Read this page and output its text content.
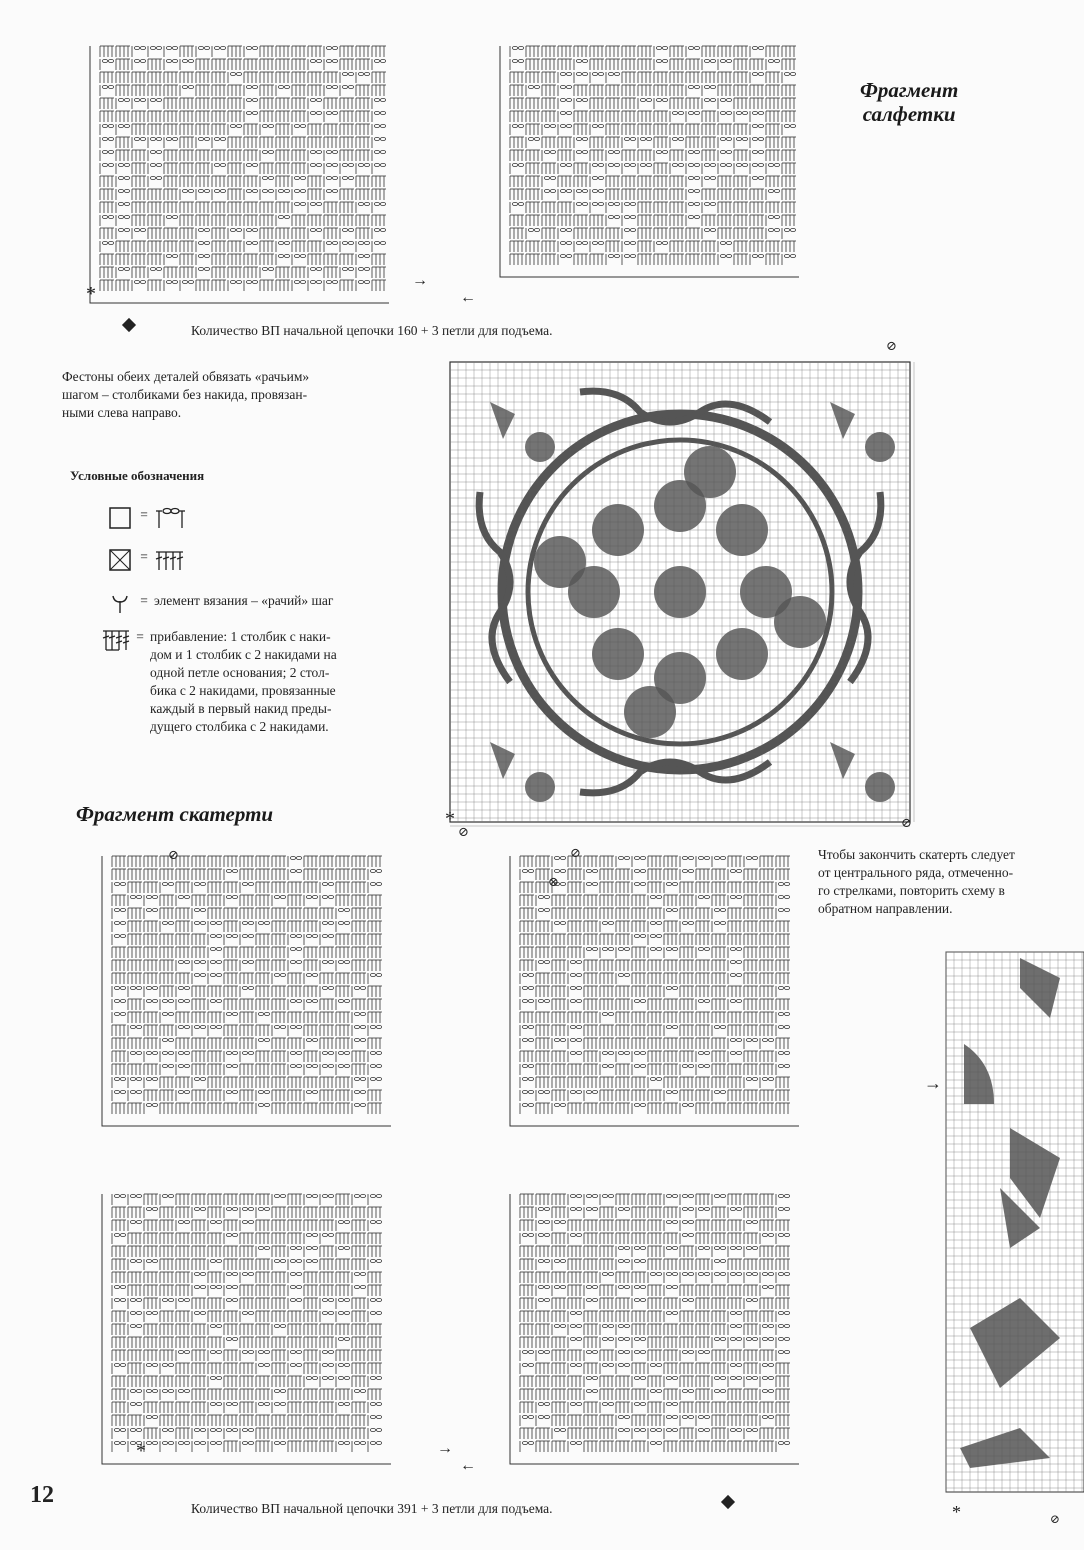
→
←
*
Фрагмент
салфетки
Количество ВП начальной цепочки 160 + 3 петли для подъема.
Фестоны обеих деталей обвязать «рачьим»
шагом – столбиками без накида, провязан-
ными слева направо.
Условные обозначения
=
=
= элемент вязания – «рачий» шаг
= прибавление: 1 столбик с наки-
дом и 1 столбик с 2 накидами на
одной петле основания; 2 стол-
бика с 2 накидами, провязанные
каждый в первый накид преды-
дущего столбика с 2 накидами.
⊘
*
⊘
⊘
Фрагмент скатерти
Чтобы закончить скатерть следует
от центрального ряда, отмеченно-
го стрелками, повторить схему в
обратном направлении.
⊘	⊘
⊗
*	→
←
→
*	⊘
Количество ВП начальной цепочки 391 + 3 петли для подъема.
12
